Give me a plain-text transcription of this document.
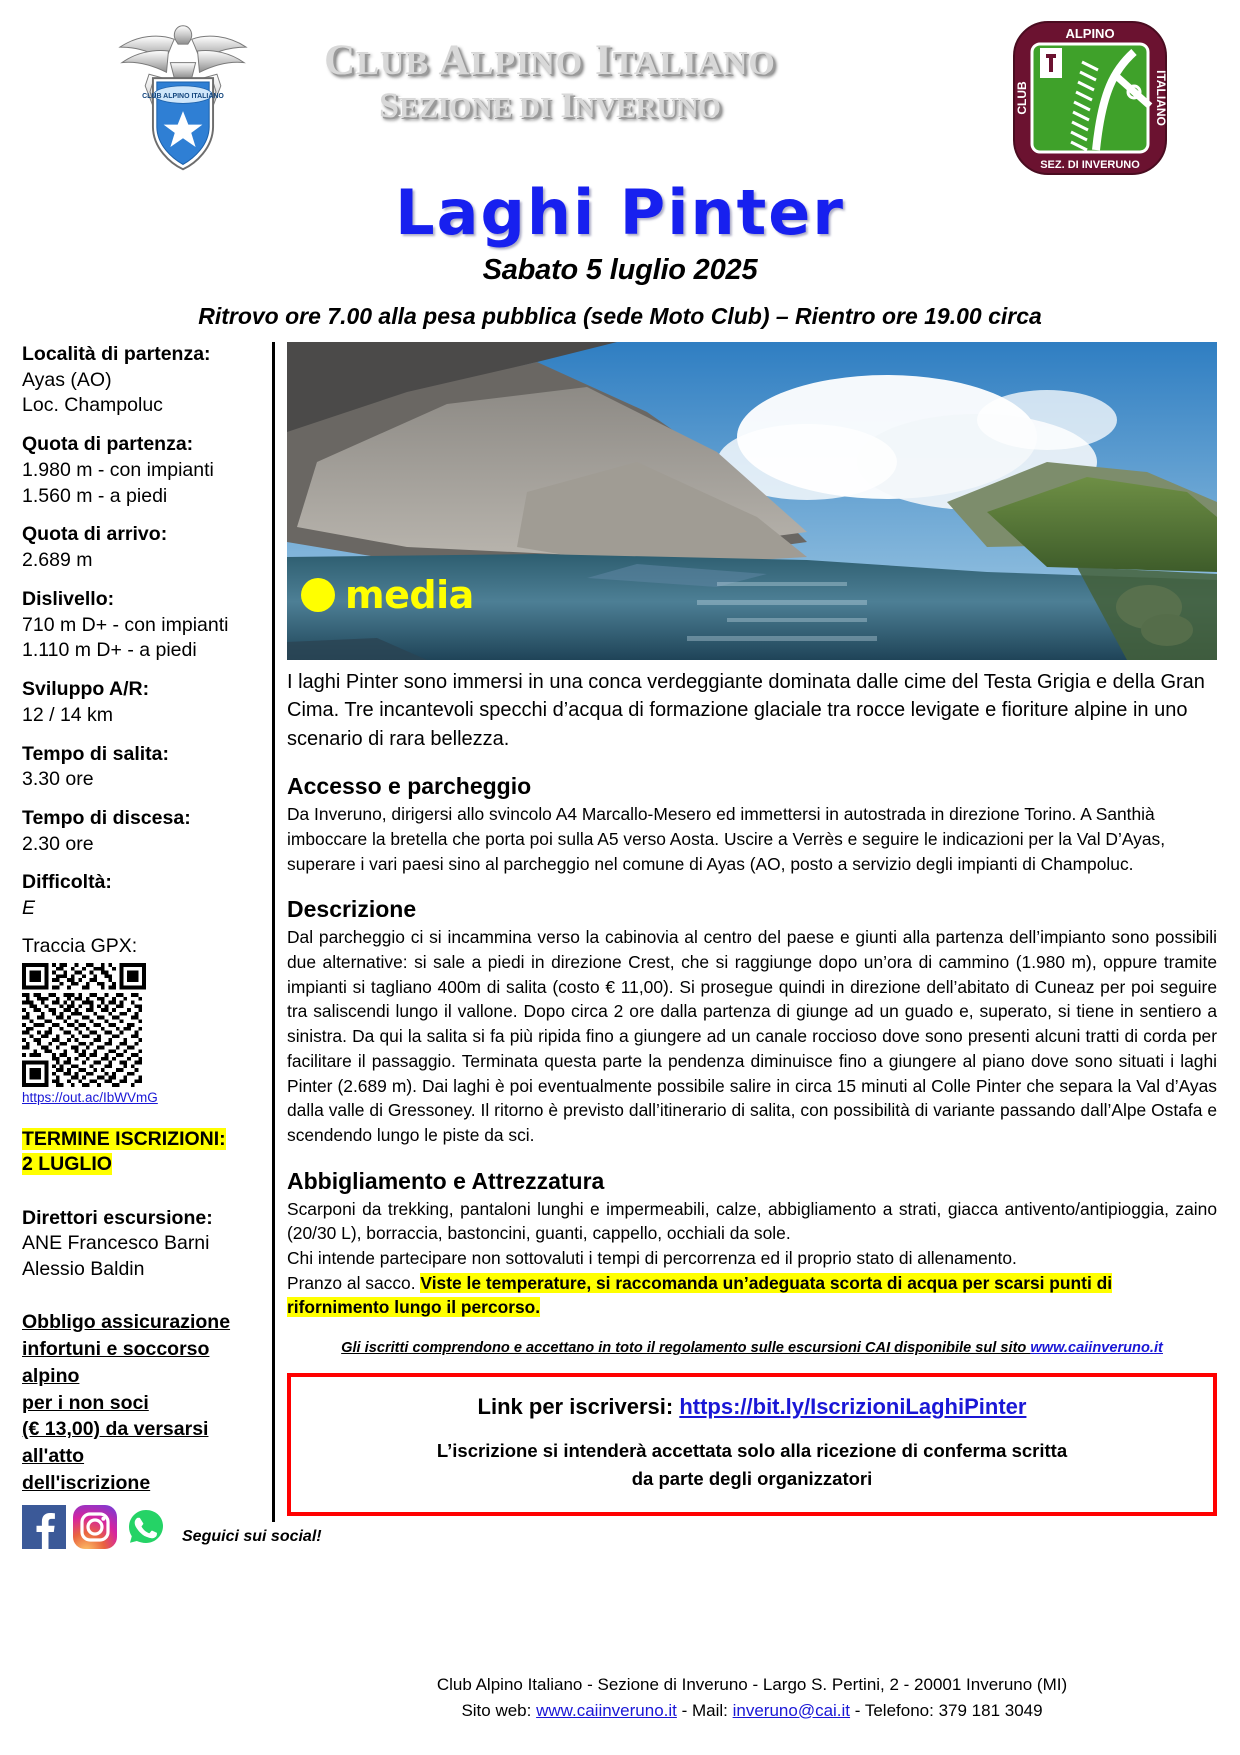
CLUB ALPINO ITALIANO
ALPINO
SEZ. DI INVERUNO
CLUB	ITALIANO
CLUB ALPINO ITALIANO
SEZIONE DI INVERUNO
Laghi Pinter
Sabato 5 luglio 2025
Ritrovo ore 7.00 alla pesa pubblica (sede Moto Club) – Rientro ore 19.00 circa
Località di partenza:
Ayas (AO)
Loc. Champoluc
Quota di partenza:
1.980 m - con impianti
1.560 m - a piedi
Quota di arrivo:
2.689 m
Dislivello:
710 m D+ - con impianti
1.110 m D+ - a piedi
Sviluppo A/R:
12 / 14 km
Tempo di salita:
3.30 ore
Tempo di discesa:
2.30 ore
Difficoltà:
E
Traccia GPX:
https://out.ac/IbWVmG
TERMINE ISCRIZIONI:
2 LUGLIO
Direttori escursione:
ANE Francesco Barni
Alessio Baldin
Obbligo assicurazione
infortuni e soccorso alpino
per i non soci
(€ 13,00) da versarsi all'atto
dell'iscrizione
Seguici sui social!
media
I laghi Pinter sono immersi in una conca verdeggiante dominata dalle cime del Testa Grigia e della Gran Cima. Tre incantevoli specchi d’acqua di formazione glaciale tra rocce levigate e fioriture alpine in uno scenario di rara bellezza.
Accesso e parcheggio

Da Inveruno, dirigersi allo svincolo A4 Marcallo-Mesero ed immettersi in autostrada in direzione Torino. A Santhià imboccare la bretella che porta poi sulla A5 verso Aosta. Uscire a Verrès e seguire le indicazioni per la Val D’Ayas, superare i vari paesi sino al parcheggio nel comune di Ayas (AO, posto a servizio degli impianti di Champoluc.

Descrizione

Dal parcheggio ci si incammina verso la cabinovia al centro del paese e giunti alla partenza dell’impianto sono possibili due alternative: si sale a piedi in direzione Crest, che si raggiunge dopo un’ora di cammino (1.980 m), oppure tramite impianti si tagliano 400m di salita (costo € 11,00). Si prosegue quindi in direzione dell’abitato di Cuneaz per poi seguire tra saliscendi lungo il vallone. Dopo circa 2 ore dalla partenza di giunge ad un guado e, superato, si tiene in sentiero a sinistra. Da qui la salita si fa più ripida fino a giungere ad un canale roccioso dove sono presenti alcuni tratti di corda per facilitare il passaggio. Terminata questa parte la pendenza diminuisce fino a giungere al piano dove sono situati i laghi Pinter (2.689 m). Dai laghi è poi eventualmente possibile salire in circa 15 minuti al Colle Pinter che separa la Val d’Ayas dalla valle di Gressoney. Il ritorno è previsto dall’itinerario di salita, con possibilità di variante passando dall’Alpe Ostafa e scendendo lungo le piste da sci.

Abbigliamento e Attrezzatura

Scarponi da trekking, pantaloni lunghi e impermeabili, calze, abbigliamento a strati, giacca antivento/antipioggia, zaino (20/30 L), borraccia, bastoncini, guanti, cappello, occhiali da sole.

Chi intende partecipare non sottovaluti i tempi di percorrenza ed il proprio stato di allenamento.

Pranzo al sacco. Viste le temperature, si raccomanda un’adeguata scorta di acqua per scarsi punti di rifornimento lungo il percorso.

Gli iscritti comprendono e accettano in toto il regolamento sulle escursioni CAI disponibile sul sito www.caiinveruno.it
Link per iscriversi: https://bit.ly/IscrizioniLaghiPinter
L’iscrizione si intenderà accettata solo alla ricezione di conferma scritta
da parte degli organizzatori
Club Alpino Italiano - Sezione di Inveruno - Largo S. Pertini, 2 - 20001 Inveruno (MI)
Sito web: www.caiinveruno.it - Mail: inveruno@cai.it - Telefono: 379 181 3049
